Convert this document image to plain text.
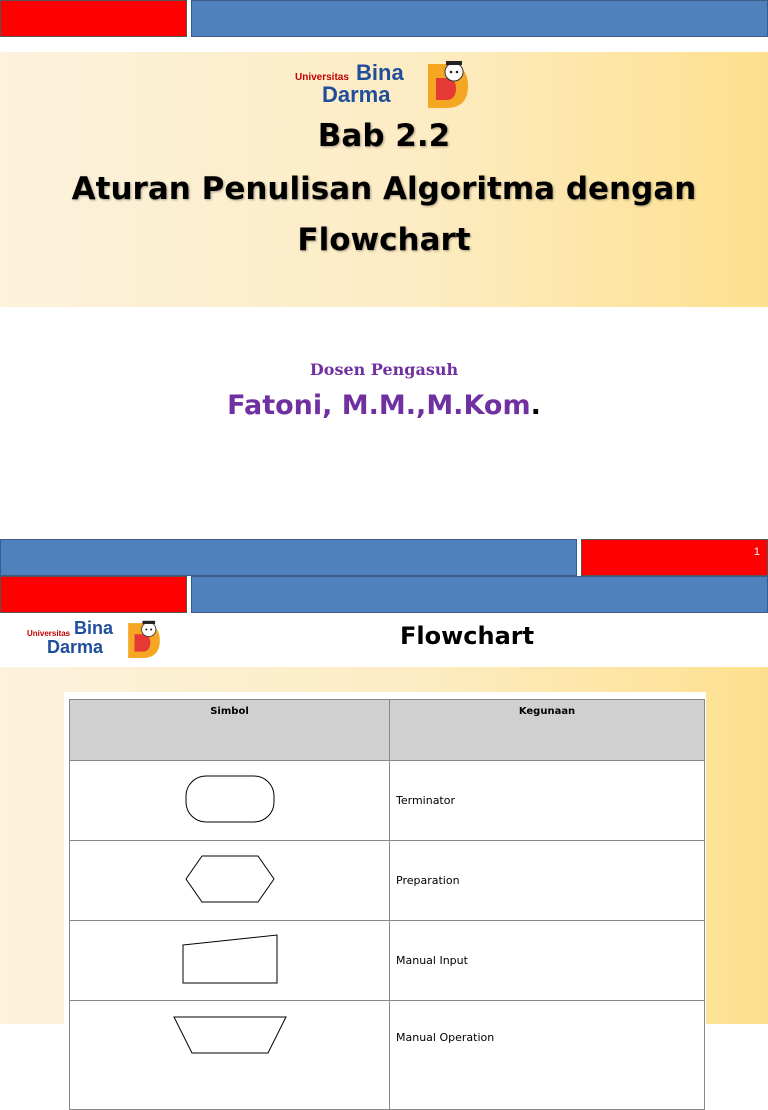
Universitas Bina
Darma
Bab 2.2
Aturan Penulisan Algoritma dengan
Flowchart
Dosen Pengasuh
Fatoni, M.M.,M.Kom.
1
Universitas Bina
Darma	Flowchart
Simbol	Kegunaan
	Terminator
	Preparation
	Manual Input
	Manual Operation
